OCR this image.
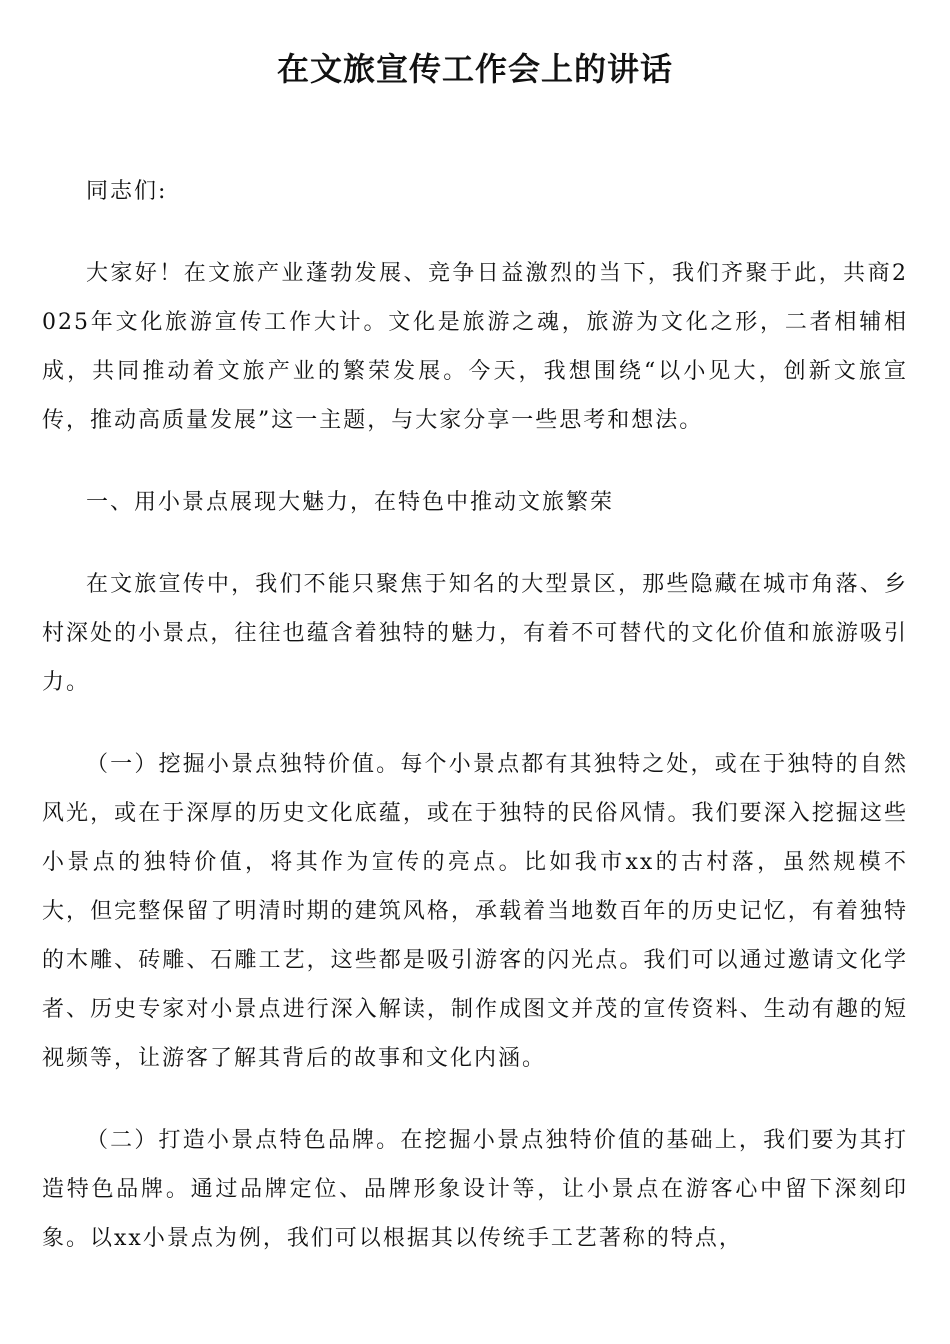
在文旅宣传工作会上的讲话

同志们:

大家好！在文旅产业蓬勃发展、竞争日益激烈的当下，我们齐聚于此，共商2025年文化旅游宣传工作大计。文化是旅游之魂，旅游为文化之形，二者相辅相成，共同推动着文旅产业的繁荣发展。今天，我想围绕“以小见大，创新文旅宣传，推动高质量发展”这一主题，与大家分享一些思考和想法。

一、用小景点展现大魅力，在特色中推动文旅繁荣

在文旅宣传中，我们不能只聚焦于知名的大型景区，那些隐藏在城市角落、乡村深处的小景点，往往也蕴含着独特的魅力，有着不可替代的文化价值和旅游吸引力。

（一）挖掘小景点独特价值。每个小景点都有其独特之处，或在于独特的自然风光，或在于深厚的历史文化底蕴，或在于独特的民俗风情。我们要深入挖掘这些小景点的独特价值，将其作为宣传的亮点。比如我市xx的古村落，虽然规模不大，但完整保留了明清时期的建筑风格，承载着当地数百年的历史记忆，有着独特的木雕、砖雕、石雕工艺，这些都是吸引游客的闪光点。我们可以通过邀请文化学者、历史专家对小景点进行深入解读，制作成图文并茂的宣传资料、生动有趣的短视频等，让游客了解其背后的故事和文化内涵。

（二）打造小景点特色品牌。在挖掘小景点独特价值的基础上，我们要为其打造特色品牌。通过品牌定位、品牌形象设计等，让小景点在游客心中留下深刻印象。以xx小景点为例，我们可以根据其以传统手工艺著称的特点，
